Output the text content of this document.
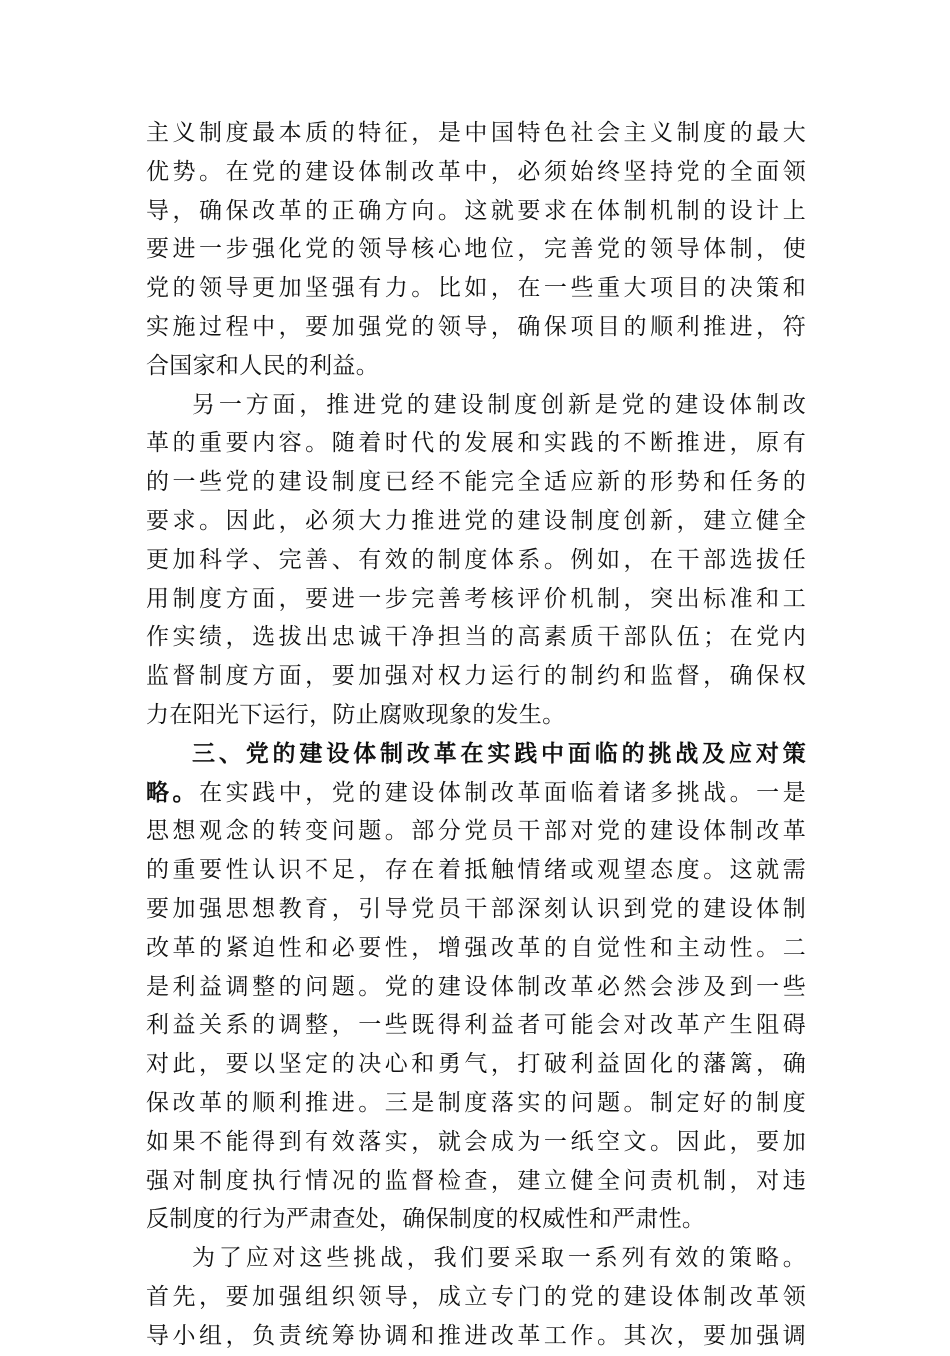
主义制度最本质的特征，是中国特色社会主义制度的最大
优势。在党的建设体制改革中，必须始终坚持党的全面领
导，确保改革的正确方向。这就要求在体制机制的设计上
要进一步强化党的领导核心地位，完善党的领导体制，使
党的领导更加坚强有力。比如，在一些重大项目的决策和
实施过程中，要加强党的领导，确保项目的顺利推进，符
合国家和人民的利益。
另一方面，推进党的建设制度创新是党的建设体制改
革的重要内容。随着时代的发展和实践的不断推进，原有
的一些党的建设制度已经不能完全适应新的形势和任务的
要求。因此，必须大力推进党的建设制度创新，建立健全
更加科学、完善、有效的制度体系。例如，在干部选拔任
用制度方面，要进一步完善考核评价机制，突出标准和工
作实绩，选拔出忠诚干净担当的高素质干部队伍；在党内
监督制度方面，要加强对权力运行的制约和监督，确保权
力在阳光下运行，防止腐败现象的发生。
三、党的建设体制改革在实践中面临的挑战及应对策
略。在实践中，党的建设体制改革面临着诸多挑战。一是
思想观念的转变问题。部分党员干部对党的建设体制改革
的重要性认识不足，存在着抵触情绪或观望态度。这就需
要加强思想教育，引导党员干部深刻认识到党的建设体制
改革的紧迫性和必要性，增强改革的自觉性和主动性。二
是利益调整的问题。党的建设体制改革必然会涉及到一些
利益关系的调整，一些既得利益者可能会对改革产生阻碍
对此，要以坚定的决心和勇气，打破利益固化的藩篱，确
保改革的顺利推进。三是制度落实的问题。制定好的制度
如果不能得到有效落实，就会成为一纸空文。因此，要加
强对制度执行情况的监督检查，建立健全问责机制，对违
反制度的行为严肃查处，确保制度的权威性和严肃性。
为了应对这些挑战，我们要采取一系列有效的策略。
首先，要加强组织领导，成立专门的党的建设体制改革领
导小组，负责统筹协调和推进改革工作。其次，要加强调
